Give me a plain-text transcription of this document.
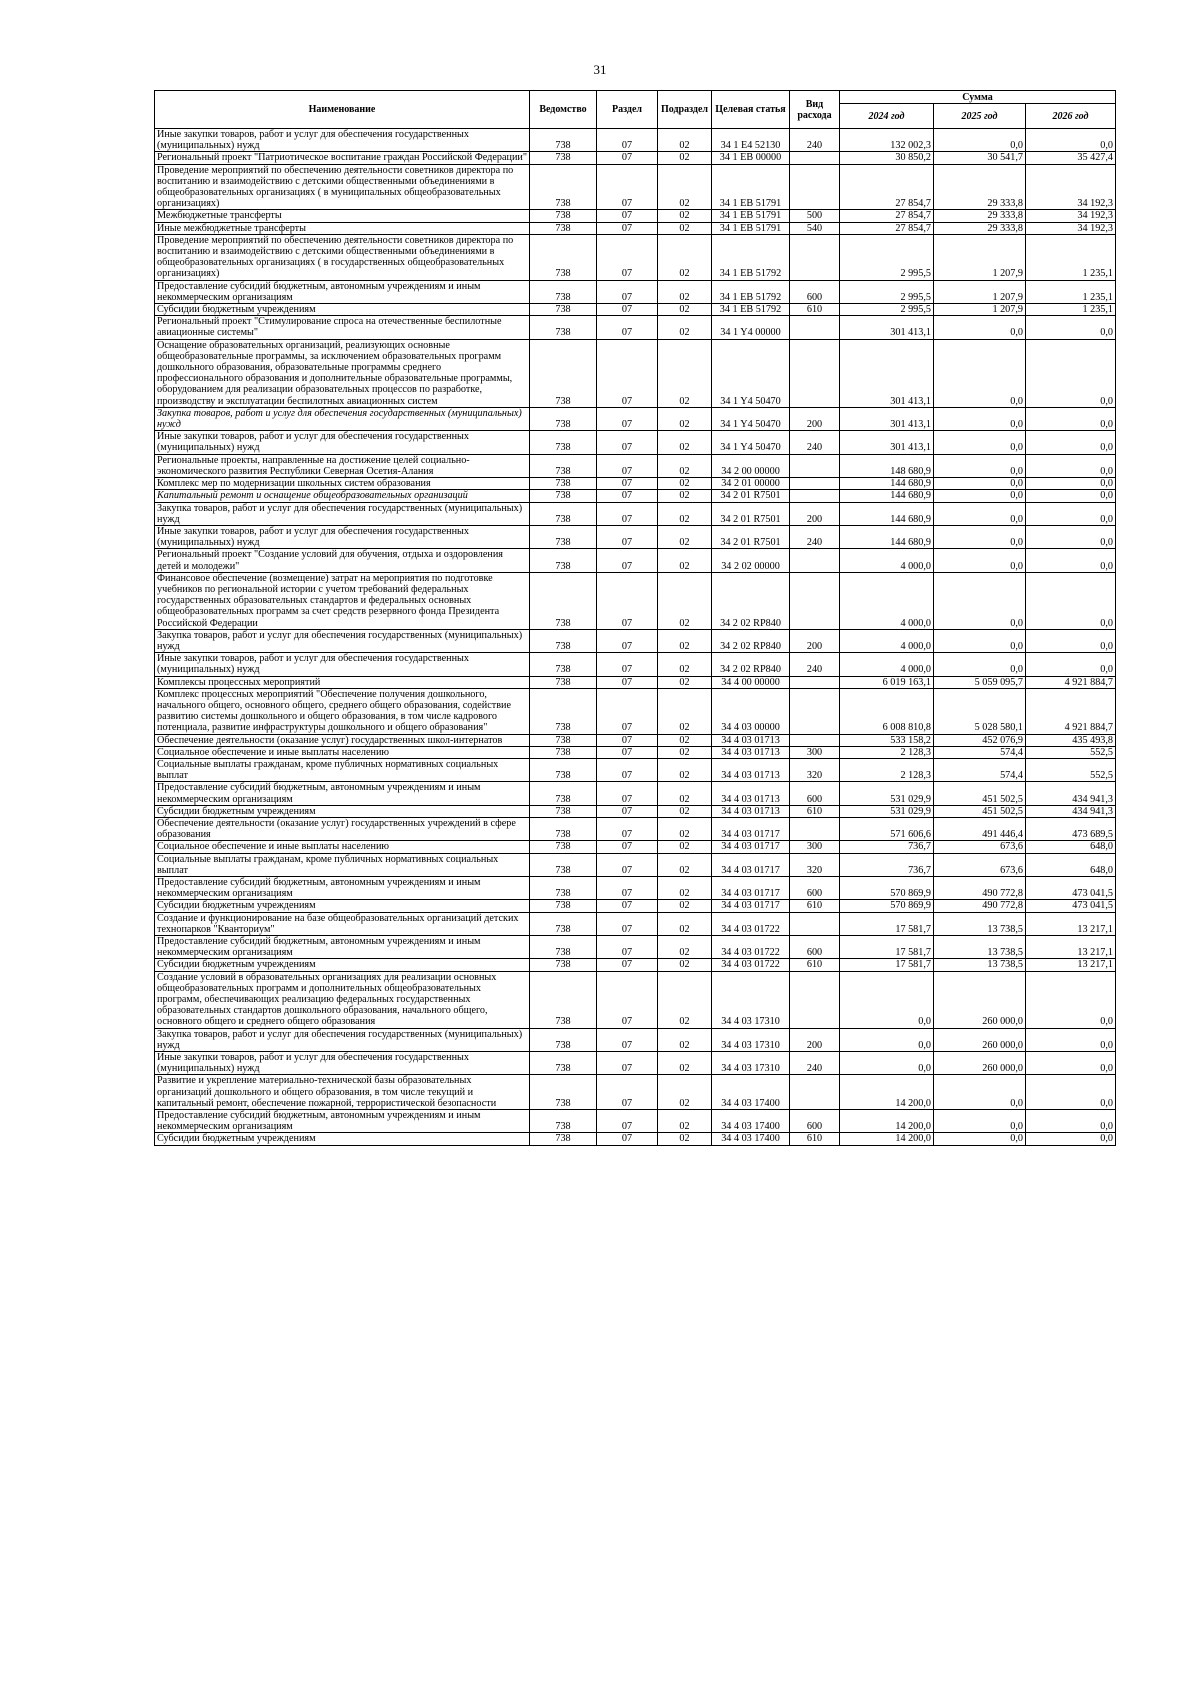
31
Наименование	Ведомство	Раздел	Подраздел	Целевая статья	Вид расхода	Сумма		
						2024 год	2025 год	2026 год
Иные закупки товаров, работ и услуг для обеспечения государственных (муниципальных) нужд	738	07	02	34 1 E4 52130	240	132 002,3	0,0	0,0
Региональный проект "Патриотическое воспитание граждан Российской Федерации"	738	07	02	34 1 EВ 00000		30 850,2	30 541,7	35 427,4
Проведение мероприятий по обеспечению деятельности советников директора по воспитанию и взаимодействию с детскими общественными объединениями в общеобразовательных организациях ( в муниципальных общеобразовательных организациях)	738	07	02	34 1 EВ 51791		27 854,7	29 333,8	34 192,3
Межбюджетные трансферты	738	07	02	34 1 EВ 51791	500	27 854,7	29 333,8	34 192,3
Иные межбюджетные трансферты	738	07	02	34 1 EВ 51791	540	27 854,7	29 333,8	34 192,3
Проведение мероприятий по обеспечению деятельности советников директора по воспитанию и взаимодействию с детскими общественными объединениями в общеобразовательных организациях ( в государственных общеобразовательных организациях)	738	07	02	34 1 EВ 51792		2 995,5	1 207,9	1 235,1
Предоставление субсидий бюджетным, автономным учреждениям и иным некоммерческим организациям	738	07	02	34 1 EВ 51792	600	2 995,5	1 207,9	1 235,1
Субсидии бюджетным учреждениям	738	07	02	34 1 EВ 51792	610	2 995,5	1 207,9	1 235,1
Региональный проект "Стимулирование спроса на отечественные беспилотные авиационные системы"	738	07	02	34 1 Y4 00000		301 413,1	0,0	0,0
Оснащение образовательных организаций, реализующих основные общеобразовательные программы, за исключением образовательных программ дошкольного образования, образовательные программы среднего профессионального образования и дополнительные образовательные программы, оборудованием для реализации образовательных процессов по разработке, производству и эксплуатации беспилотных авиационных систем	738	07	02	34 1 Y4 50470		301 413,1	0,0	0,0
Закупка товаров, работ и услуг для обеспечения государственных (муниципальных) нужд	738	07	02	34 1 Y4 50470	200	301 413,1	0,0	0,0
Иные закупки товаров, работ и услуг для обеспечения государственных (муниципальных) нужд	738	07	02	34 1 Y4 50470	240	301 413,1	0,0	0,0
Региональные проекты, направленные на достижение целей социально-экономического развития Республики Северная Осетия-Алания	738	07	02	34 2 00 00000		148 680,9	0,0	0,0
Комплекс мер по модернизации школьных систем образования	738	07	02	34 2 01 00000		144 680,9	0,0	0,0
Капитальный ремонт и оснащение общеобразовательных организаций	738	07	02	34 2 01 R7501		144 680,9	0,0	0,0
Закупка товаров, работ и услуг для обеспечения государственных (муниципальных) нужд	738	07	02	34 2 01 R7501	200	144 680,9	0,0	0,0
Иные закупки товаров, работ и услуг для обеспечения государственных (муниципальных) нужд	738	07	02	34 2 01 R7501	240	144 680,9	0,0	0,0
Региональный проект "Создание условий для обучения, отдыха и оздоровления детей и молодежи"	738	07	02	34 2 02 00000		4 000,0	0,0	0,0
Финансовое обеспечение (возмещение) затрат на мероприятия по подготовке учебников по региональной истории с учетом требований федеральных государственных образовательных стандартов и федеральных основных общеобразовательных программ за счет средств резервного фонда Президента Российской Федерации	738	07	02	34 2 02 RP840		4 000,0	0,0	0,0
Закупка товаров, работ и услуг для обеспечения государственных (муниципальных) нужд	738	07	02	34 2 02 RP840	200	4 000,0	0,0	0,0
Иные закупки товаров, работ и услуг для обеспечения государственных (муниципальных) нужд	738	07	02	34 2 02 RP840	240	4 000,0	0,0	0,0
Комплексы процессных мероприятий	738	07	02	34 4 00 00000		6 019 163,1	5 059 095,7	4 921 884,7
Комплекс процессных мероприятий "Обеспечение получения дошкольного, начального общего, основного общего, среднего общего образования, содействие развитию системы дошкольного и общего образования, в том числе кадрового потенциала, развитие инфраструктуры дошкольного и общего образования"	738	07	02	34 4 03 00000		6 008 810,8	5 028 580,1	4 921 884,7
Обеспечение деятельности (оказание услуг) государственных школ-интернатов	738	07	02	34 4 03 01713		533 158,2	452 076,9	435 493,8
Социальное обеспечение и иные выплаты населению	738	07	02	34 4 03 01713	300	2 128,3	574,4	552,5
Социальные выплаты гражданам, кроме публичных нормативных социальных выплат	738	07	02	34 4 03 01713	320	2 128,3	574,4	552,5
Предоставление субсидий бюджетным, автономным учреждениям и иным некоммерческим организациям	738	07	02	34 4 03 01713	600	531 029,9	451 502,5	434 941,3
Субсидии бюджетным учреждениям	738	07	02	34 4 03 01713	610	531 029,9	451 502,5	434 941,3
Обеспечение деятельности (оказание услуг) государственных учреждений в сфере образования	738	07	02	34 4 03 01717		571 606,6	491 446,4	473 689,5
Социальное обеспечение и иные выплаты населению	738	07	02	34 4 03 01717	300	736,7	673,6	648,0
Социальные выплаты гражданам, кроме публичных нормативных социальных выплат	738	07	02	34 4 03 01717	320	736,7	673,6	648,0
Предоставление субсидий бюджетным, автономным учреждениям и иным некоммерческим организациям	738	07	02	34 4 03 01717	600	570 869,9	490 772,8	473 041,5
Субсидии бюджетным учреждениям	738	07	02	34 4 03 01717	610	570 869,9	490 772,8	473 041,5
Создание и функционирование на базе общеобразовательных организаций детских технопарков "Кванториум"	738	07	02	34 4 03 01722		17 581,7	13 738,5	13 217,1
Предоставление субсидий бюджетным, автономным учреждениям и иным некоммерческим организациям	738	07	02	34 4 03 01722	600	17 581,7	13 738,5	13 217,1
Субсидии бюджетным учреждениям	738	07	02	34 4 03 01722	610	17 581,7	13 738,5	13 217,1
Создание условий в образовательных организациях для реализации основных общеобразовательных программ и дополнительных общеобразовательных программ, обеспечивающих реализацию федеральных государственных образовательных стандартов дошкольного образования, начального общего, основного общего и среднего общего образования	738	07	02	34 4 03 17310		0,0	260 000,0	0,0
Закупка товаров, работ и услуг для обеспечения государственных (муниципальных) нужд	738	07	02	34 4 03 17310	200	0,0	260 000,0	0,0
Иные закупки товаров, работ и услуг для обеспечения государственных (муниципальных) нужд	738	07	02	34 4 03 17310	240	0,0	260 000,0	0,0
Развитие и укрепление материально-технической базы образовательных организаций дошкольного и общего образования, в том числе текущий и капитальный ремонт, обеспечение пожарной, террористической безопасности	738	07	02	34 4 03 17400		14 200,0	0,0	0,0
Предоставление субсидий бюджетным, автономным учреждениям и иным некоммерческим организациям	738	07	02	34 4 03 17400	600	14 200,0	0,0	0,0
Субсидии бюджетным учреждениям	738	07	02	34 4 03 17400	610	14 200,0	0,0	0,0
